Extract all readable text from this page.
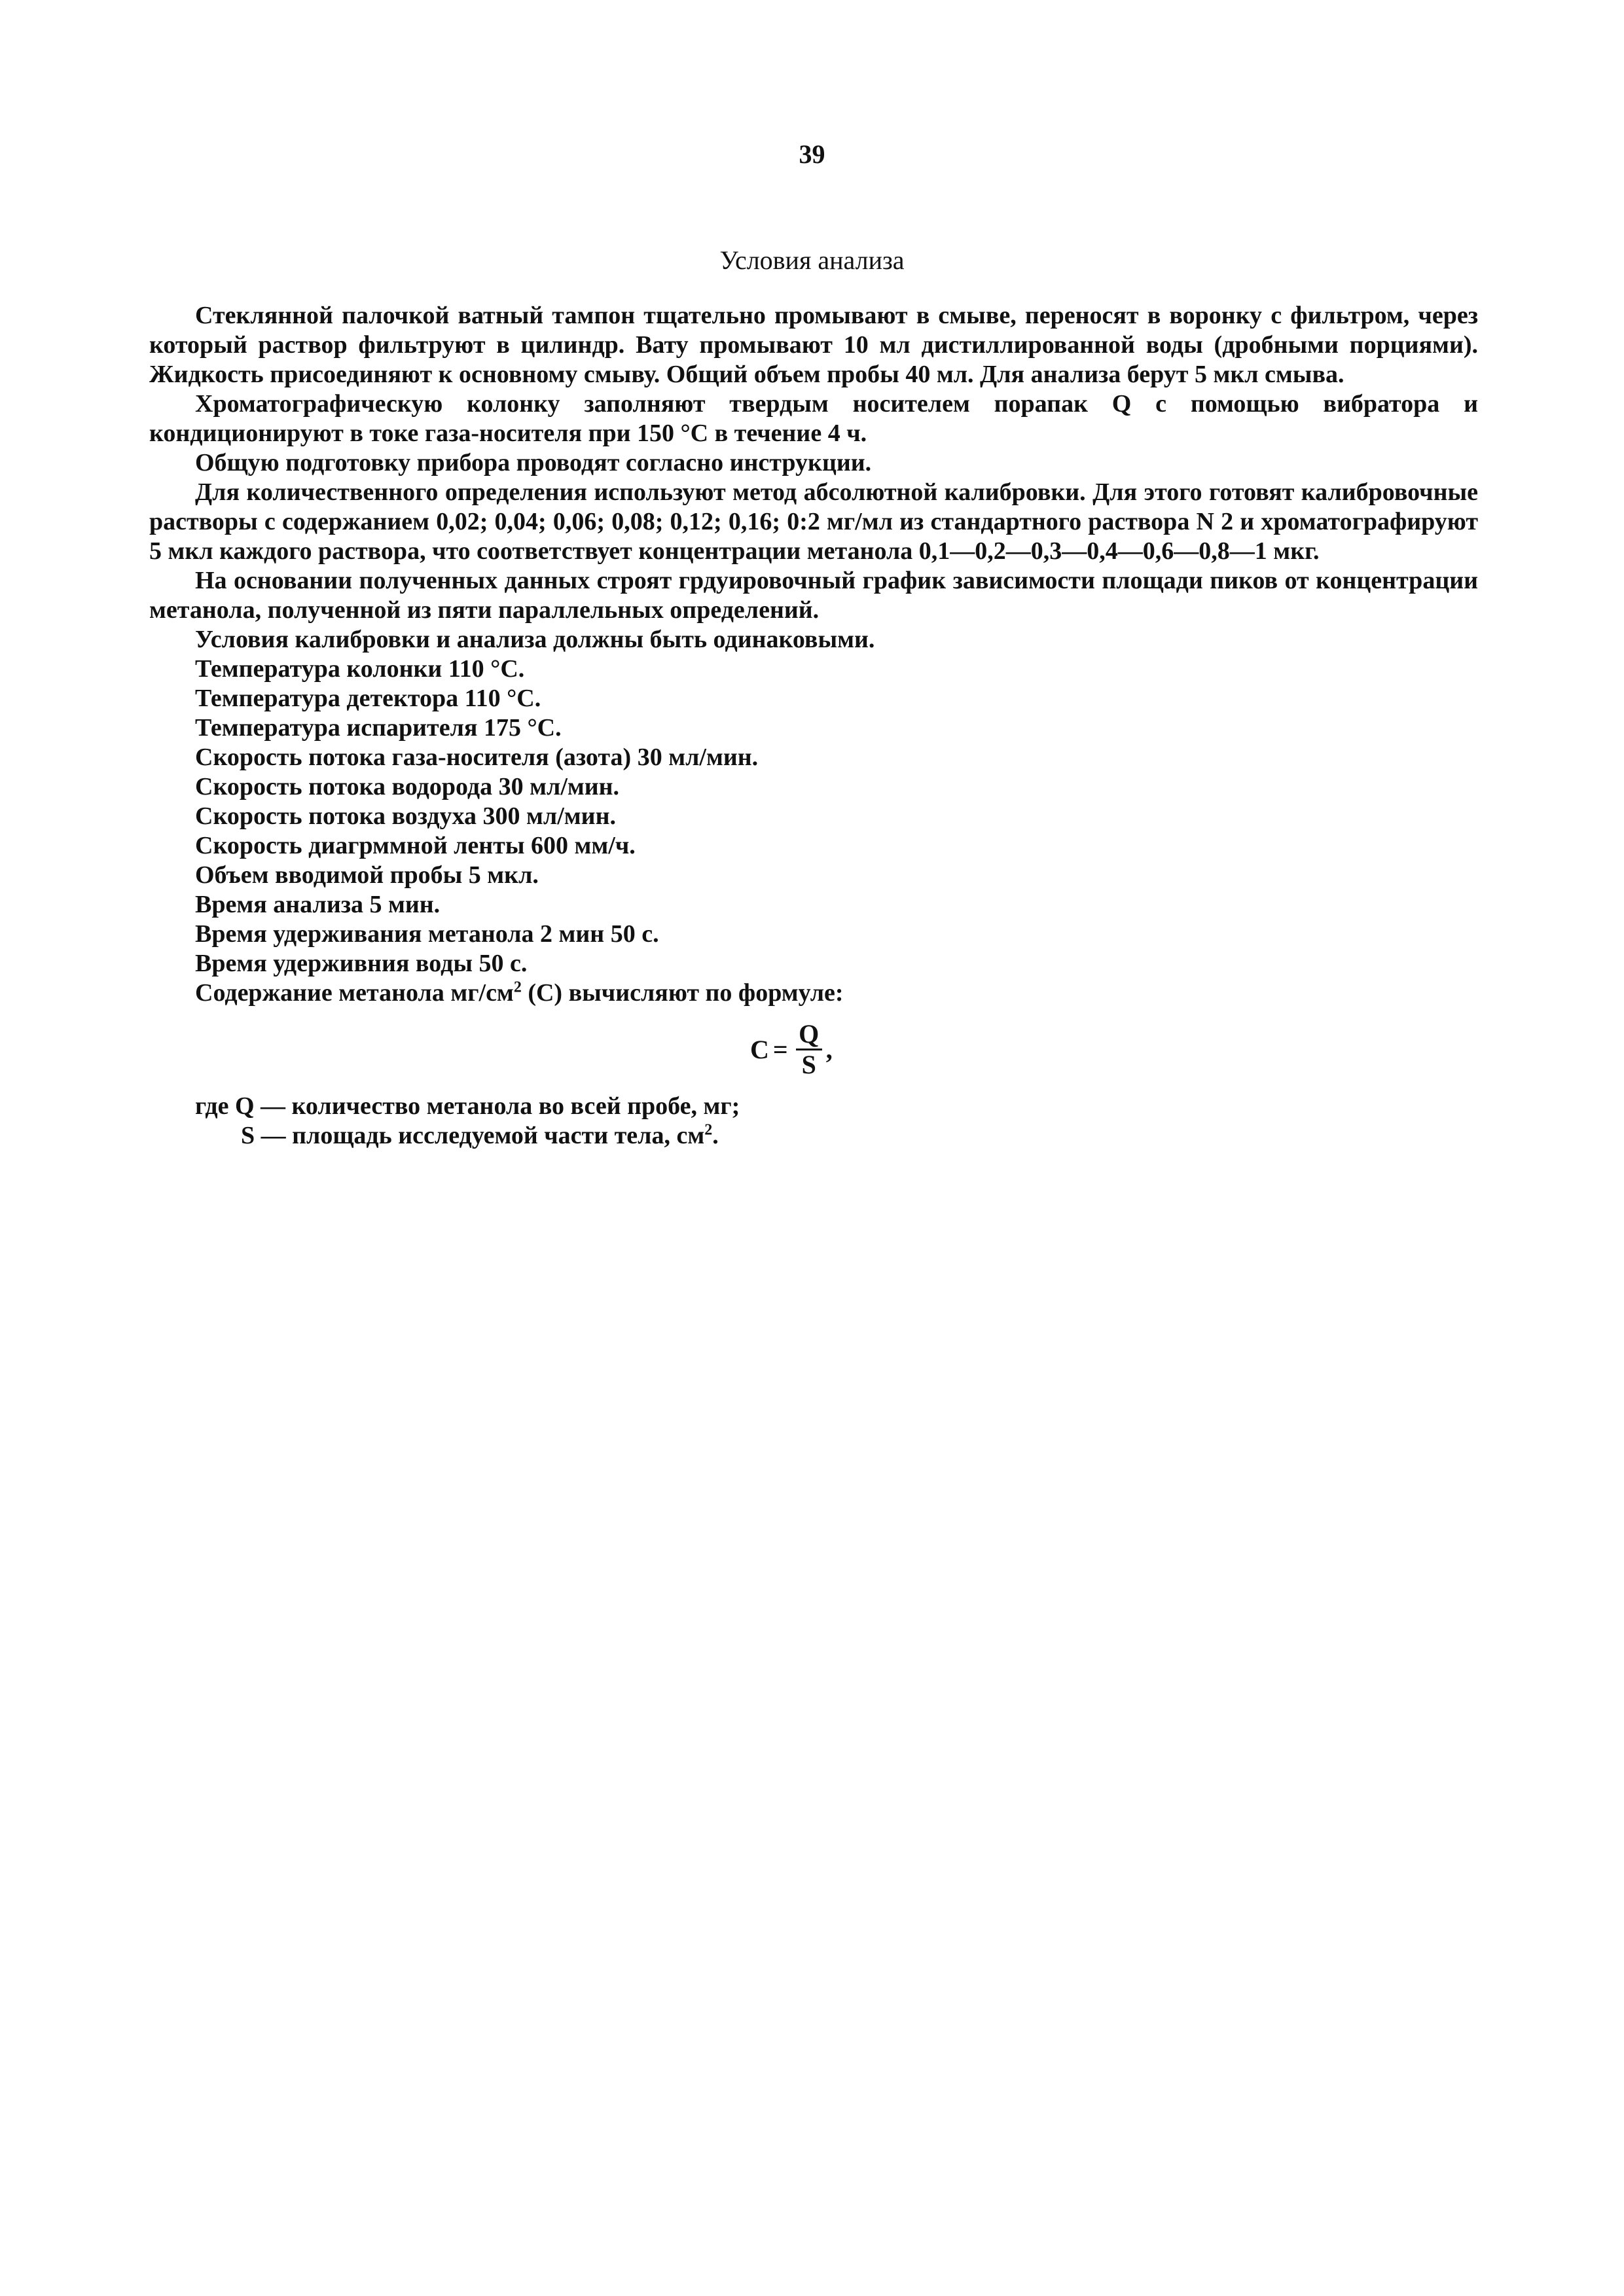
39
Условия анализа

Стеклянной палочкой ватный тампон тщательно промывают в смыве, переносят в воронку с фильтром, через который раствор фильтруют в цилиндр. Вату промывают 10 мл дистиллированной воды (дробными порциями). Жидкость присоединяют к основному смыву. Общий объем пробы 40 мл. Для анализа берут 5 мкл смыва.

Хроматографическую колонку заполняют твердым носителем порапак Q с помощью вибратора и кондиционируют в токе газа-носителя при 150 °С в течение 4 ч.

Общую подготовку прибора проводят согласно инструкции.

Для количественного определения используют метод абсолютной калибровки. Для этого готовят калибровочные растворы с содержанием 0,02; 0,04; 0,06; 0,08; 0,12; 0,16; 0:2 мг/мл из стандартного раствора N 2 и хроматографируют 5 мкл каждого раствора, что соответствует концентрации метанола 0,1—0,2—0,3—0,4—0,6—0,8—1 мкг.

На основании полученных данных строят грдуировочный график зависимости площади пиков от концентрации метанола, полученной из пяти параллельных определений.

Условия калибровки и анализа должны быть одинаковыми.

Температура колонки 110 °С.
Температура детектора 110 °С.
Температура испарителя 175 °С.
Скорость потока газа-носителя (азота) 30 мл/мин.
Скорость потока водорода 30 мл/мин.
Скорость потока воздуха 300 мл/мин.
Скорость диагрммной ленты 600 мм/ч.
Объем вводимой пробы 5 мкл.
Время анализа 5 мин.
Время удерживания метанола 2 мин 50 с.
Время удерживния воды 50 с.
Содержание метанола $мг/см^2$ (С) вычисляют по формуле:
$С = \frac{Q}{S}$ ,
где Q — количество метанола во всей пробе, мг;
S — площадь исследуемой части тела, $см^2$.
